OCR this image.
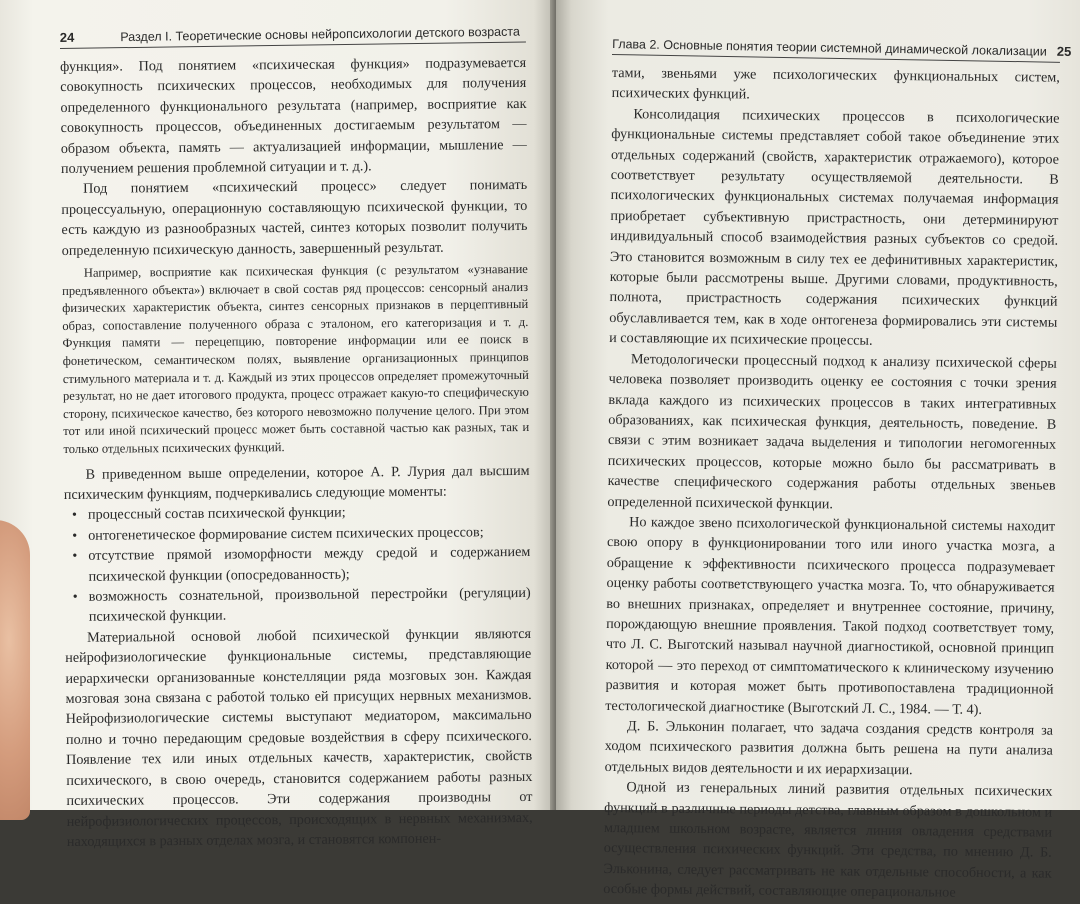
24	Раздел I. Теоретические основы нейропсихологии детского возраста

функция». Под понятием «психическая функция» подразумевается совокупность психических процессов, необходимых для получения определенного функционального результата (например, восприятие как совокупность процессов, объединенных достигаемым результатом — образом объекта, память — актуализацией информации, мышление — получением решения проблемной ситуации и т. д.).

Под понятием «психический процесс» следует понимать процессуальную, операционную составляющую психической функции, то есть каждую из разнообразных частей, синтез которых позволит получить определенную психическую данность, завершенный результат.

Например, восприятие как психическая функция (с результатом «узнавание предъявленного объекта») включает в свой состав ряд процессов: сенсорный анализ физических характеристик объекта, синтез сенсорных признаков в перцептивный образ, сопоставление полученного образа с эталоном, его категоризация и т. д. Функция памяти — перецепцию, повторение информации или ее поиск в фонетическом, семантическом полях, выявление организационных принципов стимульного материала и т. д. Каждый из этих процессов определяет промежуточный результат, но не дает итогового продукта, процесс отражает какую-то специфическую сторону, психическое качество, без которого невозможно получение целого. При этом тот или иной психический процесс может быть составной частью как разных, так и только отдельных психических функций.

В приведенном выше определении, которое А. Р. Лурия дал высшим психическим функциям, подчеркивались следующие моменты:

• процессный состав психической функции;
• онтогенетическое формирование систем психических процессов;
• отсутствие прямой изоморфности между средой и содержанием психической функции (опосредованность);
• возможность сознательной, произвольной перестройки (регуляции) психической функции.

Материальной основой любой психической функции являются нейрофизиологические функциональные системы, представляющие иерархически организованные констелляции ряда мозговых зон. Каждая мозговая зона связана с работой только ей присущих нервных механизмов. Нейрофизиологические системы выступают медиатором, максимально полно и точно передающим средовые воздействия в сферу психического. Появление тех или иных отдельных качеств, характеристик, свойств психического, в свою очередь, становится содержанием работы разных психических процессов. Эти содержания производны от нейрофизиологических процессов, происходящих в нервных механизмах, находящихся в разных отделах мозга, и становятся компонен-

Глава 2. Основные понятия теории системной динамической локализации 25

тами, звеньями уже психологических функциональных систем, психических функций.

Консолидация психических процессов в психологические функциональные системы представляет собой такое объединение этих отдельных содержаний (свойств, характеристик отражаемого), которое соответствует результату осуществляемой деятельности. В психологических функциональных системах получаемая информация приобретает субъективную пристрастность, они детерминируют индивидуальный способ взаимодействия разных субъектов со средой. Это становится возможным в силу тех ее дефинитивных характеристик, которые были рассмотрены выше. Другими словами, продуктивность, полнота, пристрастность содержания психических функций обуславливается тем, как в ходе онтогенеза формировались эти системы и составляющие их психические процессы.

Методологически процессный подход к анализу психической сферы человека позволяет производить оценку ее состояния с точки зрения вклада каждого из психических процессов в таких интегративных образованиях, как психическая функция, деятельность, поведение. В связи с этим возникает задача выделения и типологии негомогенных психических процессов, которые можно было бы рассматривать в качестве специфического содержания работы отдельных звеньев определенной психической функции.

Но каждое звено психологической функциональной системы находит свою опору в функционировании того или иного участка мозга, а обращение к эффективности психического процесса подразумевает оценку работы соответствующего участка мозга. То, что обнаруживается во внешних признаках, определяет и внутреннее состояние, причину, порождающую внешние проявления. Такой подход соответствует тому, что Л. С. Выготский называл научной диагностикой, основной принцип которой — это переход от симптоматического к клиническому изучению развития и которая может быть противопоставлена традиционной тестологической диагностике (Выготский Л. С., 1984. — Т. 4).

Д. Б. Эльконин полагает, что задача создания средств контроля за ходом психического развития должна быть решена на пути анализа отдельных видов деятельности и их иерархизации.

Одной из генеральных линий развития отдельных психических функций в различные периоды детства, главным образом в дошкольном и младшем школьном возрасте, является линия овладения средствами осуществления психических функций. Эти средства, по мнению Д. Б. Эльконина, следует рассматривать не как отдельные способности, а как особые формы действий, составляющие операциональное
